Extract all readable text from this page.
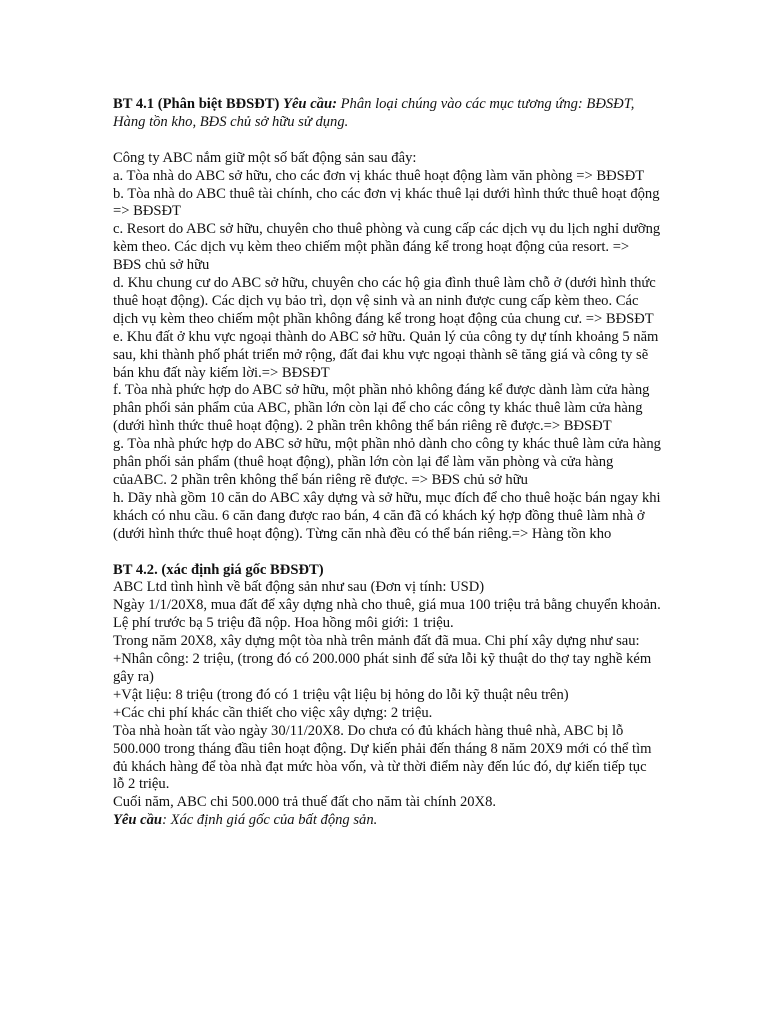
BT 4.1 (Phân biệt BĐSĐT) Yêu cầu: Phân loại chúng vào các mục tương ứng: BĐSĐT, Hàng tồn kho, BĐS chủ sở hữu sử dụng.

Công ty ABC nắm giữ một số bất động sản sau đây:

a. Tòa nhà do ABC sở hữu, cho các đơn vị khác thuê hoạt động làm văn phòng => BĐSĐT

b. Tòa nhà do ABC thuê tài chính, cho các đơn vị khác thuê lại dưới hình thức thuê hoạt động => BĐSĐT

c. Resort do ABC sở hữu, chuyên cho thuê phòng và cung cấp các dịch vụ du lịch nghỉ dưỡng kèm theo. Các dịch vụ kèm theo chiếm một phần đáng kể trong hoạt động của resort. => BĐS chủ sở hữu

d. Khu chung cư do ABC sở hữu, chuyên cho các hộ gia đình thuê làm chỗ ở (dưới hình thức thuê hoạt động). Các dịch vụ bảo trì, dọn vệ sinh và an ninh được cung cấp kèm theo. Các dịch vụ kèm theo chiếm một phần không đáng kể trong hoạt động của chung cư. => BĐSĐT

e. Khu đất ở khu vực ngoại thành do ABC sở hữu. Quản lý của công ty dự tính khoảng 5 năm sau, khi thành phố phát triển mở rộng, đất đai khu vực ngoại thành sẽ tăng giá và công ty sẽ bán khu đất này kiếm lời.=> BĐSĐT

f. Tòa nhà phức hợp do ABC sở hữu, một phần nhỏ không đáng kể được dành làm cửa hàng phân phối sản phẩm của ABC, phần lớn còn lại để cho các công ty khác thuê làm cửa hàng (dưới hình thức thuê hoạt động). 2 phần trên không thể bán riêng rẽ được.=> BĐSĐT

g. Tòa nhà phức hợp do ABC sở hữu, một phần nhỏ dành cho công ty khác thuê làm cửa hàng phân phối sản phẩm (thuê hoạt động), phần lớn còn lại để làm văn phòng và cửa hàng củaABC. 2 phần trên không thể bán riêng rẽ được. => BĐS chủ sở hữu

h. Dãy nhà gồm 10 căn do ABC xây dựng và sở hữu, mục đích để cho thuê hoặc bán ngay khi khách có nhu cầu. 6 căn đang được rao bán, 4 căn đã có khách ký hợp đồng thuê làm nhà ở (dưới hình thức thuê hoạt động). Từng căn nhà đều có thể bán riêng.=> Hàng tồn kho

BT 4.2. (xác định giá gốc BĐSĐT)

ABC Ltd tình hình về bất động sản như sau (Đơn vị tính: USD)

Ngày 1/1/20X8, mua đất để xây dựng nhà cho thuê, giá mua 100 triệu trả bằng chuyển khoản. Lệ phí trước bạ 5 triệu đã nộp. Hoa hồng môi giới: 1 triệu.

Trong năm 20X8, xây dựng một tòa nhà trên mảnh đất đã mua. Chi phí xây dựng như sau:

+Nhân công: 2 triệu, (trong đó có 200.000 phát sinh để sửa lỗi kỹ thuật do thợ tay nghề kém gây ra)

+Vật liệu: 8 triệu (trong đó có 1 triệu vật liệu bị hỏng do lỗi kỹ thuật nêu trên)

+Các chi phí khác cần thiết cho việc xây dựng: 2 triệu.

Tòa nhà hoàn tất vào ngày 30/11/20X8. Do chưa có đủ khách hàng thuê nhà, ABC bị lỗ 500.000 trong tháng đầu tiên hoạt động. Dự kiến phải đến tháng 8 năm 20X9 mới có thể tìm đủ khách hàng để tòa nhà đạt mức hòa vốn, và từ thời điểm này đến lúc đó, dự kiến tiếp tục lỗ 2 triệu.

Cuối năm, ABC chi 500.000 trả thuế đất cho năm tài chính 20X8.

Yêu cầu: Xác định giá gốc của bất động sản.
